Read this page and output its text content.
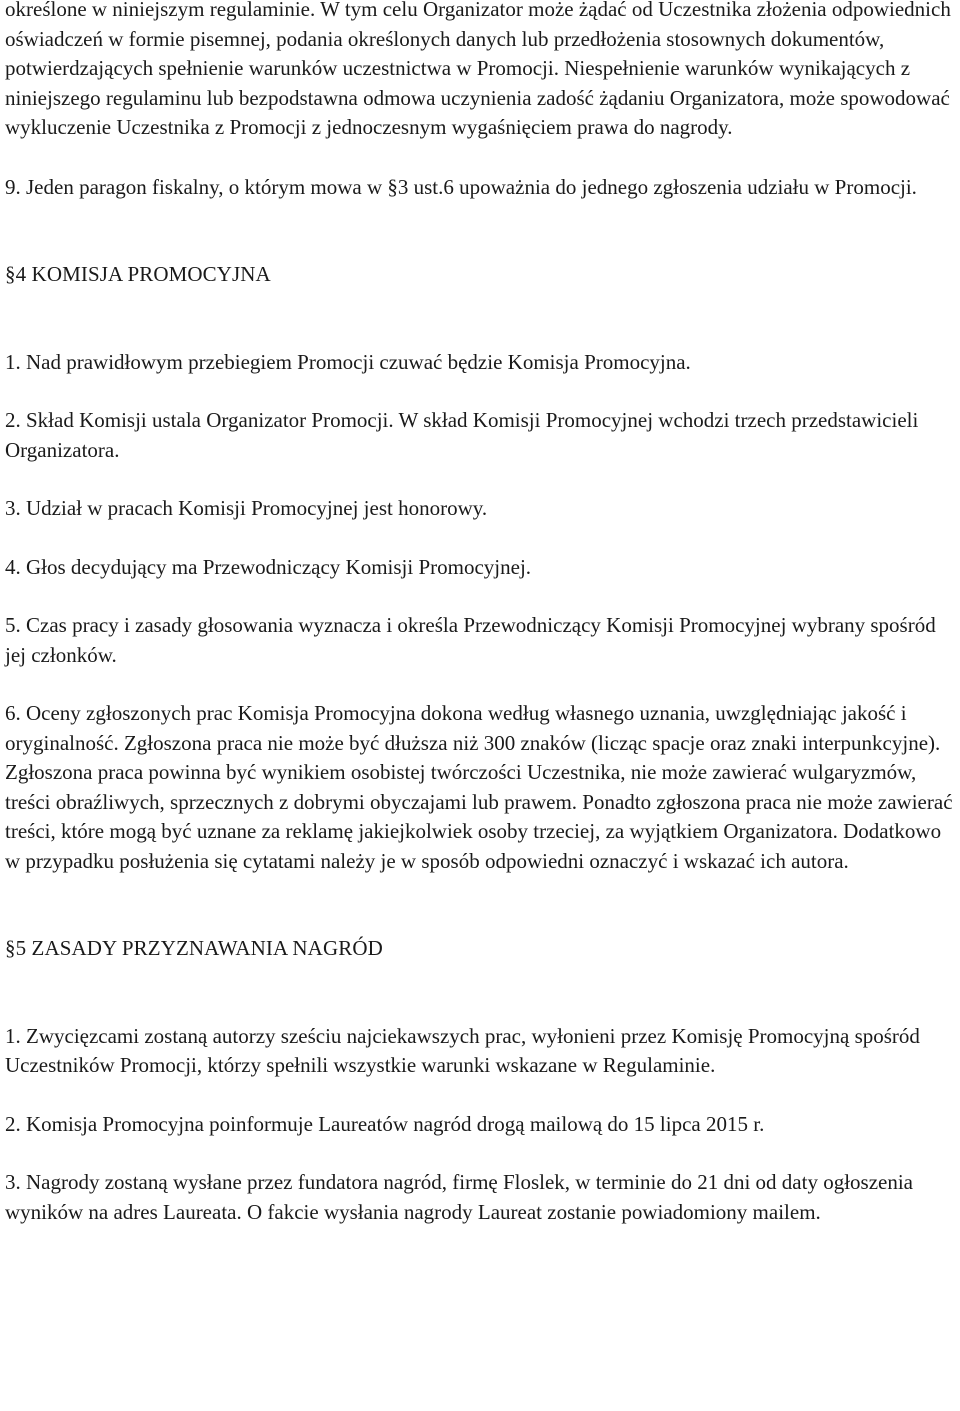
określone w niniejszym regulaminie. W tym celu Organizator może żądać od Uczestnika złożenia odpowiednich oświadczeń w formie pisemnej, podania określonych danych lub przedłożenia stosownych dokumentów, potwierdzających spełnienie warunków uczestnictwa w Promocji. Niespełnienie warunków wynikających z niniejszego regulaminu lub bezpodstawna odmowa uczynienia zadość żądaniu Organizatora, może spowodować wykluczenie Uczestnika z Promocji z jednoczesnym wygaśnięciem prawa do nagrody.

9. Jeden paragon fiskalny, o którym mowa w §3 ust.6 upoważnia do jednego zgłoszenia udziału w Promocji.

§4 KOMISJA PROMOCYJNA

1. Nad prawidłowym przebiegiem Promocji czuwać będzie Komisja Promocyjna.

2. Skład Komisji ustala Organizator Promocji. W skład Komisji Promocyjnej wchodzi trzech przedstawicieli Organizatora.

3. Udział w pracach Komisji Promocyjnej jest honorowy.

4. Głos decydujący ma Przewodniczący Komisji Promocyjnej.

5. Czas pracy i zasady głosowania wyznacza i określa Przewodniczący Komisji Promocyjnej wybrany spośród jej członków.

6. Oceny zgłoszonych prac Komisja Promocyjna dokona według własnego uznania, uwzględniając jakość i oryginalność. Zgłoszona praca nie może być dłuższa niż 300 znaków (licząc spacje oraz znaki interpunkcyjne). Zgłoszona praca powinna być wynikiem osobistej twórczości Uczestnika, nie może zawierać wulgaryzmów, treści obraźliwych, sprzecznych z dobrymi obyczajami lub prawem. Ponadto zgłoszona praca nie może zawierać treści, które mogą być uznane za reklamę jakiejkolwiek osoby trzeciej, za wyjątkiem Organizatora. Dodatkowo w przypadku posłużenia się cytatami należy je w sposób odpowiedni oznaczyć i wskazać ich autora.

§5 ZASADY PRZYZNAWANIA NAGRÓD

1. Zwycięzcami zostaną autorzy sześciu najciekawszych prac, wyłonieni przez Komisję Promocyjną spośród Uczestników Promocji, którzy spełnili wszystkie warunki wskazane w Regulaminie.

2. Komisja Promocyjna poinformuje Laureatów nagród drogą mailową do 15 lipca 2015 r.

3. Nagrody zostaną wysłane przez fundatora nagród, firmę Floslek, w terminie do 21 dni od daty ogłoszenia wyników na adres Laureata. O fakcie wysłania nagrody Laureat zostanie powiadomiony mailem.
